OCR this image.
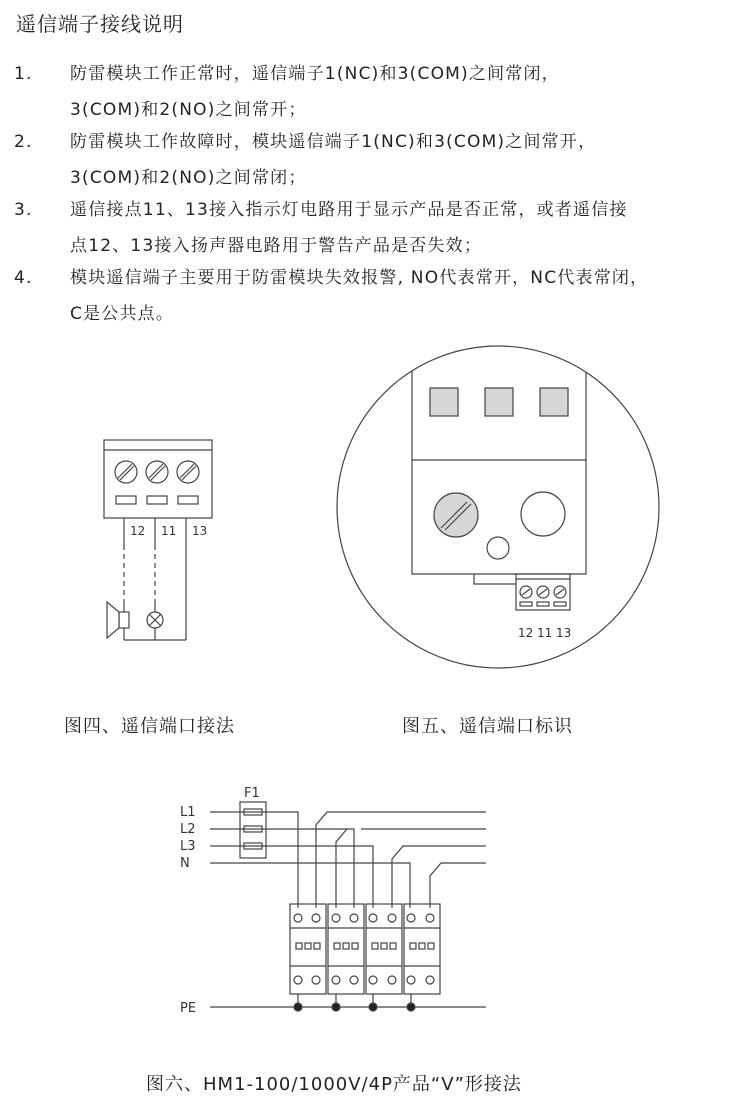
遥信端子接线说明
1. 防雷模块工作正常时，遥信端子1(NC)和3(COM)之间常闭，
3(COM)和2(NO)之间常开；
2. 防雷模块工作故障时，模块遥信端子1(NC)和3(COM)之间常开，
3(COM)和2(NO)之间常闭；
3. 遥信接点11、13接入指示灯电路用于显示产品是否正常，或者遥信接
点12、13接入扬声器电路用于警告产品是否失效；
4. 模块遥信端子主要用于防雷模块失效报警, NO代表常开，NC代表常闭，
C是公共点。
12 11 13
12 11 13
F1
L1
L2
L3
N
PE
图四、遥信端口接法	图五、遥信端口标识
图六、HM1-100/1000V/4P产品“V”形接法
